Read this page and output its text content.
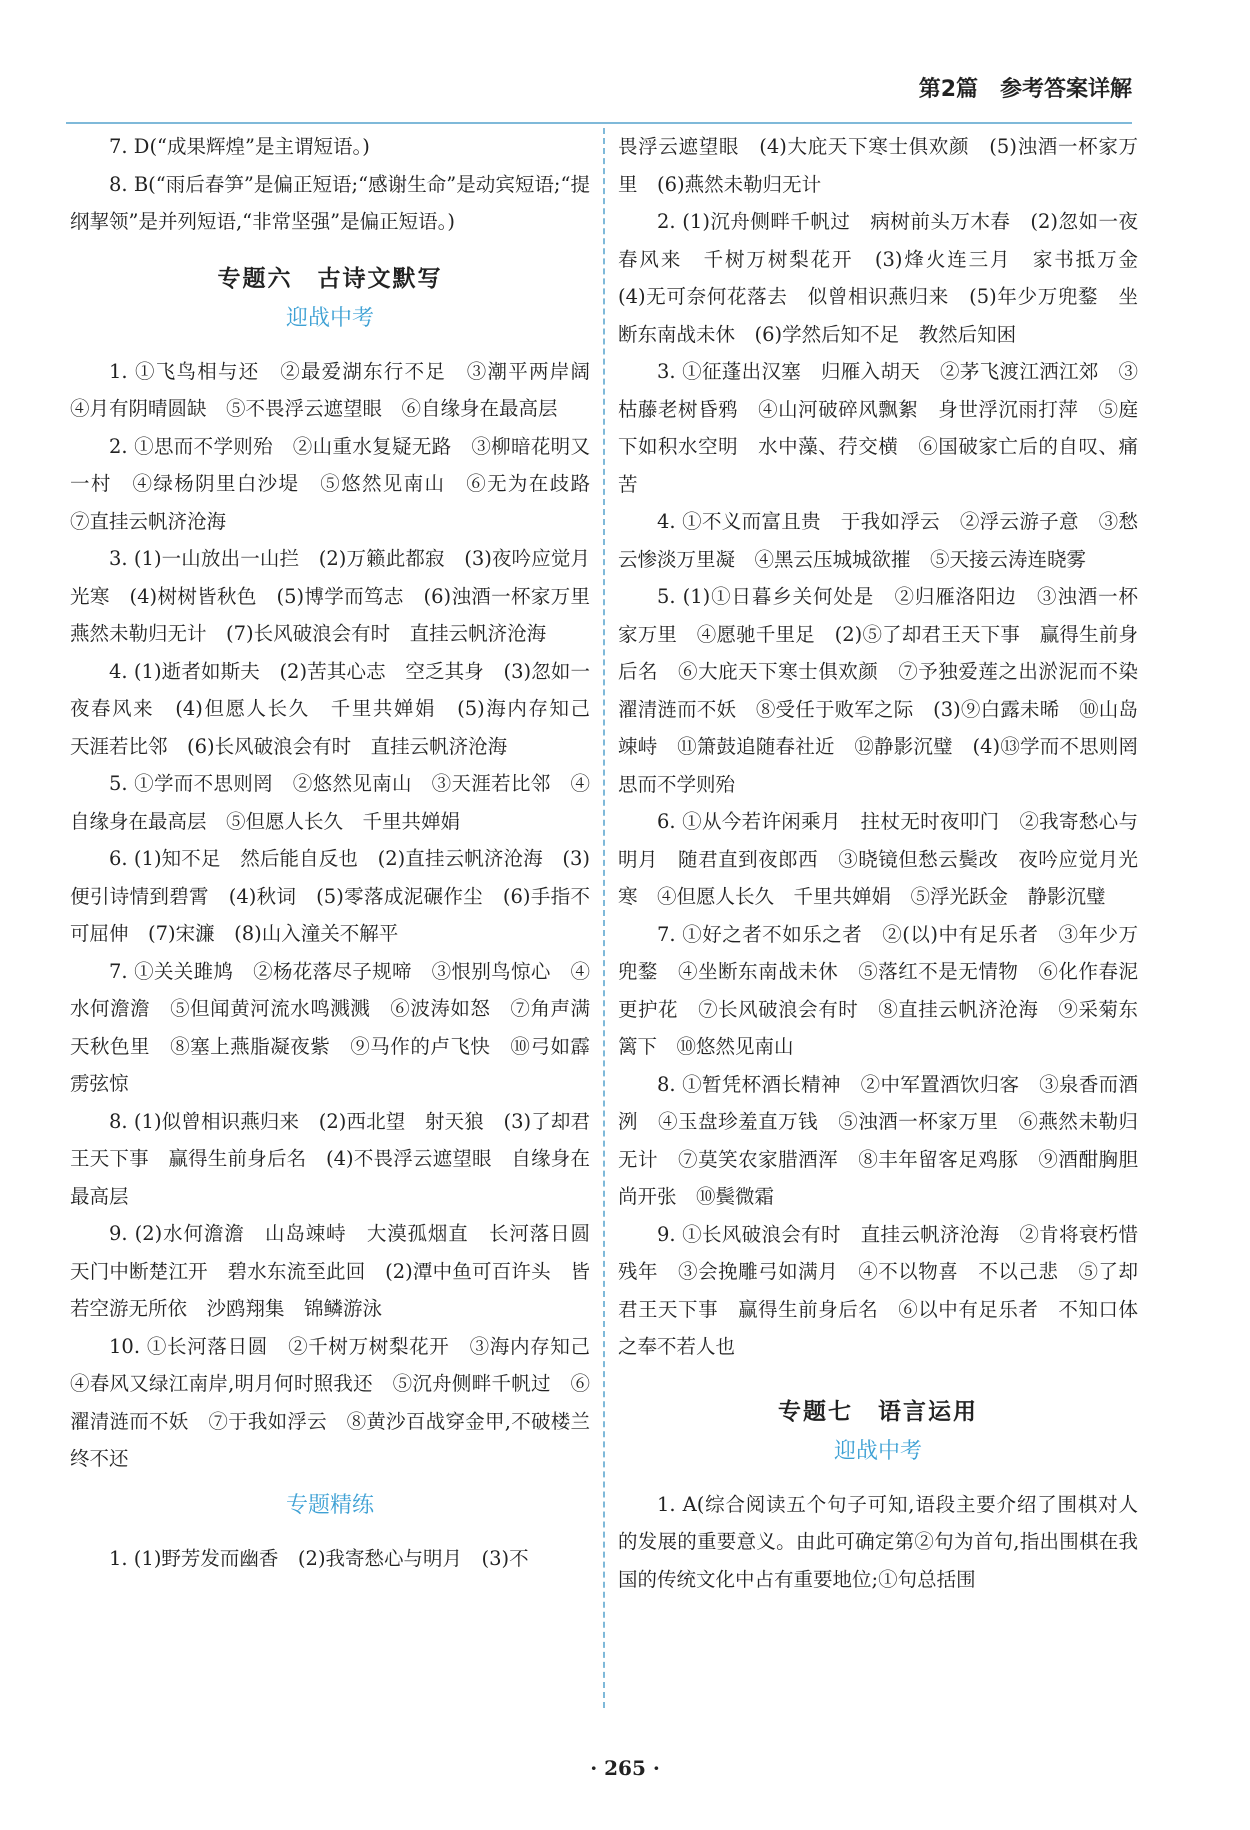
第2篇　参考答案详解

7. D(“成果辉煌”是主谓短语。)

8. B(“雨后春笋”是偏正短语;“感谢生命”是动宾短语;“提纲挈领”是并列短语,“非常坚强”是偏正短语。)

专题六　古诗文默写
迎战中考

1. ①飞鸟相与还　②最爱湖东行不足　③潮平两岸阔　④月有阴晴圆缺　⑤不畏浮云遮望眼　⑥自缘身在最高层

2. ①思而不学则殆　②山重水复疑无路　③柳暗花明又一村　④绿杨阴里白沙堤　⑤悠然见南山　⑥无为在歧路　⑦直挂云帆济沧海

3. (1)一山放出一山拦　(2)万籁此都寂　(3)夜吟应觉月光寒　(4)树树皆秋色　(5)博学而笃志　(6)浊酒一杯家万里　燕然未勒归无计　(7)长风破浪会有时　直挂云帆济沧海

4. (1)逝者如斯夫　(2)苦其心志　空乏其身　(3)忽如一夜春风来　(4)但愿人长久　千里共婵娟　(5)海内存知己　天涯若比邻　(6)长风破浪会有时　直挂云帆济沧海

5. ①学而不思则罔　②悠然见南山　③天涯若比邻　④自缘身在最高层　⑤但愿人长久　千里共婵娟

6. (1)知不足　然后能自反也　(2)直挂云帆济沧海　(3)便引诗情到碧霄　(4)秋词　(5)零落成泥碾作尘　(6)手指不可屈伸　(7)宋濂　(8)山入潼关不解平

7. ①关关雎鸠　②杨花落尽子规啼　③恨别鸟惊心　④水何澹澹　⑤但闻黄河流水鸣溅溅　⑥波涛如怒　⑦角声满天秋色里　⑧塞上燕脂凝夜紫　⑨马作的卢飞快　⑩弓如霹雳弦惊

8. (1)似曾相识燕归来　(2)西北望　射天狼　(3)了却君王天下事　赢得生前身后名　(4)不畏浮云遮望眼　自缘身在最高层

9. (2)水何澹澹　山岛竦峙　大漠孤烟直　长河落日圆　天门中断楚江开　碧水东流至此回　(2)潭中鱼可百许头　皆若空游无所依　沙鸥翔集　锦鳞游泳

10. ①长河落日圆　②千树万树梨花开　③海内存知己　④春风又绿江南岸,明月何时照我还　⑤沉舟侧畔千帆过　⑥濯清涟而不妖　⑦于我如浮云　⑧黄沙百战穿金甲,不破楼兰终不还

专题精练

1. (1)野芳发而幽香　(2)我寄愁心与明月　(3)不

畏浮云遮望眼　(4)大庇天下寒士俱欢颜　(5)浊酒一杯家万里　(6)燕然未勒归无计

2. (1)沉舟侧畔千帆过　病树前头万木春　(2)忽如一夜春风来　千树万树梨花开　(3)烽火连三月　家书抵万金　(4)无可奈何花落去　似曾相识燕归来　(5)年少万兜鍪　坐断东南战未休　(6)学然后知不足　教然后知困

3. ①征蓬出汉塞　归雁入胡天　②茅飞渡江洒江郊　③枯藤老树昏鸦　④山河破碎风飘絮　身世浮沉雨打萍　⑤庭下如积水空明　水中藻、荇交横　⑥国破家亡后的自叹、痛苦

4. ①不义而富且贵　于我如浮云　②浮云游子意　③愁云惨淡万里凝　④黑云压城城欲摧　⑤天接云涛连晓雾

5. (1)①日暮乡关何处是　②归雁洛阳边　③浊酒一杯家万里　④愿驰千里足　(2)⑤了却君王天下事　赢得生前身后名　⑥大庇天下寒士俱欢颜　⑦予独爱莲之出淤泥而不染　濯清涟而不妖　⑧受任于败军之际　(3)⑨白露未晞　⑩山岛竦峙　⑪箫鼓追随春社近　⑫静影沉璧　(4)⑬学而不思则罔　思而不学则殆

6. ①从今若许闲乘月　拄杖无时夜叩门　②我寄愁心与明月　随君直到夜郎西　③晓镜但愁云鬓改　夜吟应觉月光寒　④但愿人长久　千里共婵娟　⑤浮光跃金　静影沉璧

7. ①好之者不如乐之者　②(以)中有足乐者　③年少万兜鍪　④坐断东南战未休　⑤落红不是无情物　⑥化作春泥更护花　⑦长风破浪会有时　⑧直挂云帆济沧海　⑨采菊东篱下　⑩悠然见南山

8. ①暂凭杯酒长精神　②中军置酒饮归客　③泉香而酒洌　④玉盘珍羞直万钱　⑤浊酒一杯家万里　⑥燕然未勒归无计　⑦莫笑农家腊酒浑　⑧丰年留客足鸡豚　⑨酒酣胸胆尚开张　⑩鬓微霜

9. ①长风破浪会有时　直挂云帆济沧海　②肯将衰朽惜残年　③会挽雕弓如满月　④不以物喜　不以己悲　⑤了却君王天下事　赢得生前身后名　⑥以中有足乐者　不知口体之奉不若人也

专题七　语言运用
迎战中考

1. A(综合阅读五个句子可知,语段主要介绍了围棋对人的发展的重要意义。由此可确定第②句为首句,指出围棋在我国的传统文化中占有重要地位;①句总括围

· 265 ·
